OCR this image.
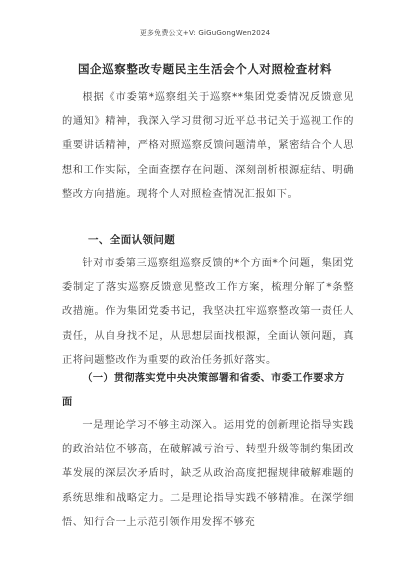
更多免费公文+V: GiGuGongWen2024
国企巡察整改专题民主生活会个人对照检查材料

根据《市委第*巡察组关于巡察**集团党委情况反馈意见的通知》精神，我深入学习贯彻习近平总书记关于巡视工作的重要讲话精神，严格对照巡察反馈问题清单，紧密结合个人思想和工作实际，全面查摆存在问题、深刻剖析根源症结、明确整改方向措施。现将个人对照检查情况汇报如下。

一、全面认领问题

针对市委第三巡察组巡察反馈的*个方面*个问题，集团党委制定了落实巡察反馈意见整改工作方案，梳理分解了*条整改措施。作为集团党委书记，我坚决扛牢巡察整改第一责任人责任，从自身找不足，从思想层面找根源，全面认领问题，真正将问题整改作为重要的政治任务抓好落实。

（一）贯彻落实党中央决策部署和省委、市委工作要求方面

一是理论学习不够主动深入。运用党的创新理论指导实践的政治站位不够高，在破解减亏治亏、转型升级等制约集团改革发展的深层次矛盾时，缺乏从政治高度把握规律破解难题的系统思维和战略定力。二是理论指导实践不够精准。在深学细悟、知行合一上示范引领作用发挥不够充
